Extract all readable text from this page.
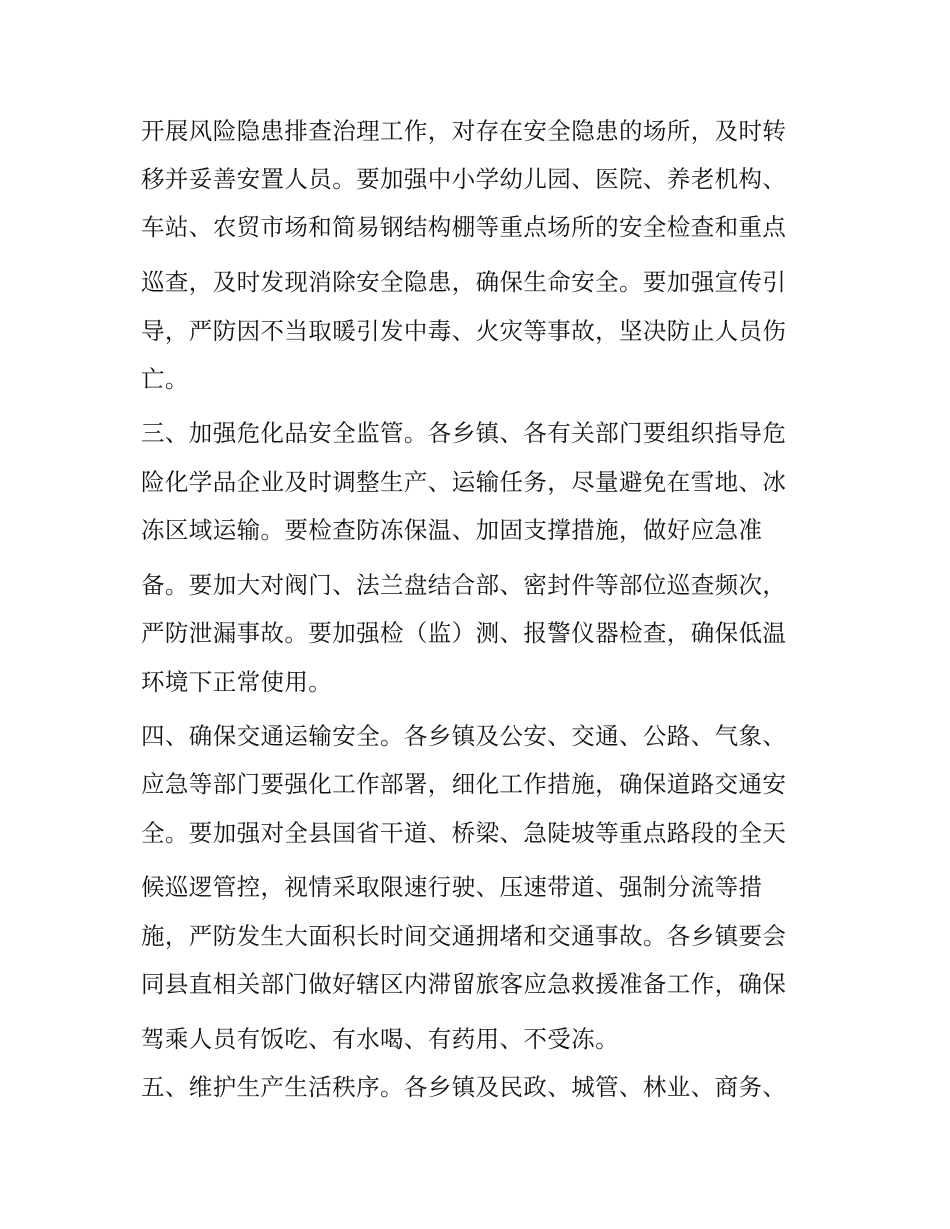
开展风险隐患排查治理工作，对存在安全隐患的场所，及时转
移并妥善安置人员。要加强中小学幼儿园、医院、养老机构、
车站、农贸市场和简易钢结构棚等重点场所的安全检查和重点
巡查，及时发现消除安全隐患，确保生命安全。要加强宣传引
导，严防因不当取暖引发中毒、火灾等事故，坚决防止人员伤
亡。
三、加强危化品安全监管。各乡镇、各有关部门要组织指导危
险化学品企业及时调整生产、运输任务，尽量避免在雪地、冰
冻区域运输。要检查防冻保温、加固支撑措施，做好应急准
备。要加大对阀门、法兰盘结合部、密封件等部位巡查频次，
严防泄漏事故。要加强检（监）测、报警仪器检查，确保低温
环境下正常使用。
四、确保交通运输安全。各乡镇及公安、交通、公路、气象、
应急等部门要强化工作部署，细化工作措施，确保道路交通安
全。要加强对全县国省干道、桥梁、急陡坡等重点路段的全天
候巡逻管控，视情采取限速行驶、压速带道、强制分流等措
施，严防发生大面积长时间交通拥堵和交通事故。各乡镇要会
同县直相关部门做好辖区内滞留旅客应急救援准备工作，确保
驾乘人员有饭吃、有水喝、有药用、不受冻。
五、维护生产生活秩序。各乡镇及民政、城管、林业、商务、
